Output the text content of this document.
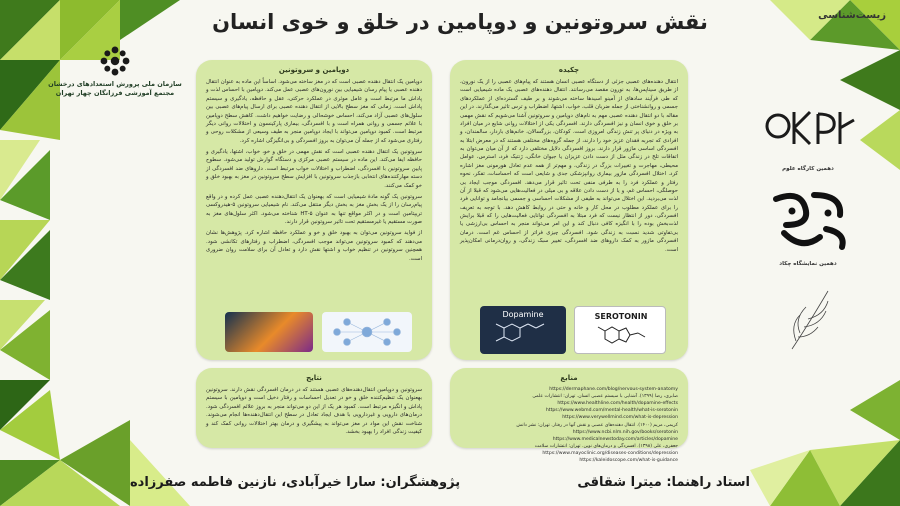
زیست‌شناسی
نقش سروتونین و دوپامین در خلق و خوی انسان
سازمان ملی پرورش استعدادهای درخشان
مجتمع آموزشی فرزانگان چهار تهران
چکیده

انتقال دهنده‌های عصبی جزئی از دستگاه عصبی انسان هستند که پیام‌های عصبی را از یک نورون، از طریق سیناپس‌ها، به نورون مقصد می‌رسانند. انتقال دهنده‌های عصبی یک ماده شیمیایی است که طی فرآیند سادهای از آمینو اسیدها ساخته می‌شوند و بر طیف گسترده‌ای از عملکردهای جسمی و روانشناختی از جمله ضربان قلب، خواب، اشتها، اضطراب و ترس تاثیر می‌گذارند. در این مقاله با دو انتقال دهنده عصبی مهم به نام‌های دوپامین و سروتونین آشنا می‌شویم که نقش مهمی بر خلق و خوی انسان و نیز افسردگی دارند. افسردگی یکی از اختلالات روانی شایع در میان افراد به ویژه در دنیای پر تنش زندگی امروزی است. کودکان، بزرگسالان، خانم‌های باردار، سالمندان، و افرادی که تجربه فقدان عزیز خود را دارند، از جمله گروه‌های مختلفی هستند که در معرض ابتلا به افسردگی اساسی مازور قرار دارند. بروز افسردگی دلایل مختلفی دارد که از آن میان می‌توان به اتفاقات تلخ در زندگی مثل از دست دادن عزیزان یا جیوان خانگی، ژنتیک فرد، استرس، عوامل محیطی، مهاجرت و تغییرات بزرگ در زندگی، و مهم‌تر از همه عدم تعادل هورمونی مغز اشاره کرد. اختلال افسردگی مازور بیماری روانپزشکی جدی و شایعی است که احساسات، تفکر، نحوه رفتار و عملکرد فرد را به طرفی منفی تحت تاثیر قرار می‌دهد. افسردگی موجب ایجاد بی حوصلگی، احساس غم، و یا از دست دادن علاقه و بی میلی در فعالیت‌هایی می‌شود که قبلا از آن لذت می‌بردید. این اختلال می‌تواند به طیفی از مشکلات احساسی و جسمی بیانجامد و توانایی فرد را برای عملکرد مطلوب در محل کار و خانه و حتی در روابط کاهش دهد. با توجه به تعریف افسردگی، دور از انتظار نیست که فرد مبتلا به افسردگی توانایی فعالیت‌هایی را که قبلا برایش لذت‌بخش بوده را با انگیزه کافی دنبال کند و این امر می‌تواند منجر به احساس بی‌ارزشی یا بی‌تفاوتی شدید نسبت به زندگی شود. افسردگی چیزی فراتر از احساس غم است. درمان افسردگی مازور به کمک داروهای ضد افسردگی، تغییر سبک زندگی، و روان‌درمانی امکان‌پذیر است.

Dopamine	SEROTONIN
دوپامین و سروتونین

دوپامین یک انتقال دهنده عصبی است که در مغز ساخته می‌شود. اساساً این ماده به عنوان انتقال دهنده عصبی یا پیام رسان شیمیایی بین نورون‌های عصبی عمل می‌کند. دوپامین با احساس لذت و پاداش ما مرتبط است و عامل موثری در عملکرد حرکتی، عقل و حافظه، یادگیری و سیستم پاداش است. زمانی که مغز سطح بالایی از انتقال دهنده عصبی برای ارسال پیام‌های عصبی بین سلول‌های عصبی آزاد می‌کند، احساس خوشحالی و رضایت خواهیم داشت. کاهش سطح دوپامین با علائم جسمی و روانی همراه است و با افسردگی، بیماری پارکینسون و اختلالات روانی دیگر مرتبط است. کمبود دوپامین می‌تواند با ایجاد دوپامین منجر به طیف وسیعی از مشکلات روحی و رفتاری می‌شود که از جمله آن می‌توان به بروز افسردگی و بی‌انگیزگی اشاره کرد.

سروتونین یک انتقال دهنده عصبی است که نقش مهمی در خلق و خو، خواب، اشتها، یادگیری و حافظه ایفا می‌کند. این ماده در سیستم عصبی مرکزی و دستگاه گوارش تولید می‌شود. سطوح پایین سروتونین با افسردگی، اضطراب و اختلالات خواب مرتبط است. داروهای ضد افسردگی از دسته مهارکننده‌های انتخابی بازجذب سروتونین با افزایش سطح سروتونین در مغز به بهبود خلق و خو کمک می‌کنند.

سروتونین یک گونه مادهٔ شیمیایی است که بهعنوان یک انتقال‌دهنده عصبی عمل کرده و در واقع پیام‌رسان را از یک بخش مغز به بخش دیگر منتقل می‌کند. نام شیمیایی سروتونین ۵-هیدروکسی تریپتامین است و در اکثر مواقع تنها به عنوان ۵-HT شناخته می‌شود. اکثر سلول‌های مغز به صورت مستقیم یا غیرمستقیم تحت تاثیر سروتونین قرار دارند.

از فواید سروتونین می‌توان به بهبود خلق و خو و عملکرد حافظه اشاره کرد. پژوهش‌ها نشان می‌دهند که کمبود سروتونین می‌تواند موجب افسردگی، اضطراب و رفتارهای تکانشی شود. همچنین سروتونین در تنظیم خواب و اشتها نقش دارد و تعادل آن برای سلامت روان ضروری است.

منابع
https://dermaphane.com/blog/nervous-system-anatomy
صابری، رضا (۱۳۹۹). آشنایی با سیستم عصبی انسان. تهران: انتشارات علمی
https://www.healthline.com/health/dopamine-effects
https://www.webmd.com/mental-health/what-is-serotonin
https://www.verywellmind.com/what-is-depression
کریمی، مریم (۱۴۰۰). انتقال دهنده‌های عصبی و نقش آنها در رفتار. تهران: نشر دانش
https://www.ncbi.nlm.nih.gov/books/serotonin
https://www.medicalnewstoday.com/articles/dopamine
جعفری، علی (۱۳۹۸). افسردگی و درمان‌های نوین. تهران: انتشارات سلامت
https://www.mayoclinic.org/diseases-conditions/depression
https://kaleidoscope.com/what-is-guidance
نتایج
سروتونین و دوپامین انتقال‌دهنده‌های عصبی هستند که در درمان افسردگی نقش دارند. سروتونین بهعنوان یک تنظیم‌کننده خلق و خو در تعدیل احساسات و رفتار دخیل است و دوپامین با سیستم پاداش و انگیزه مرتبط است. کمبود هر یک از این دو می‌تواند منجر به بروز علائم افسردگی شود. درمان‌های دارویی و غیردارویی با هدف ایجاد تعادل در سطح این انتقال‌دهنده‌ها انجام می‌شوند. شناخت نقش این مواد در مغز می‌تواند به پیشگیری و درمان بهتر اختلالات روانی کمک کند و کیفیت زندگی افراد را بهبود بخشد.
دهمین کارگاه علوم
دهمین نمایشگاه چکاد
استاد راهنما: میترا شقاقی
پژوهشگران: سارا خیرآبادی، نازنین فاطمه صفرزاده
